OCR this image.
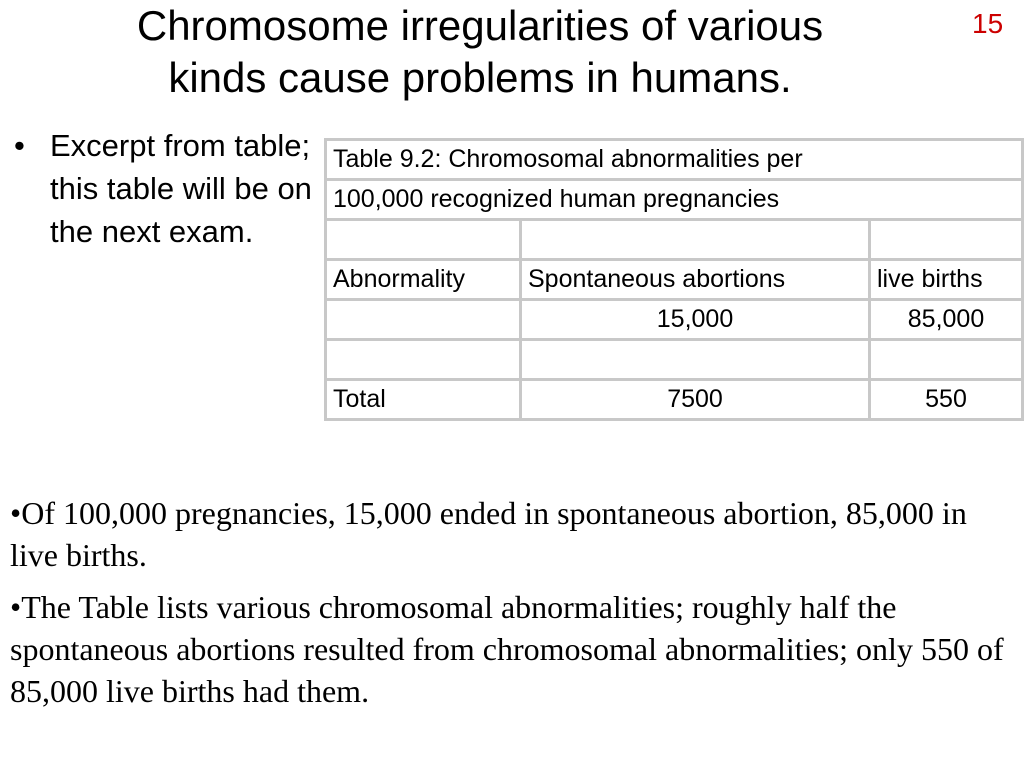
Chromosome irregularities of various
kinds cause problems in humans.
15
• Excerpt from table; this table will be on the next exam.
Table 9.2: Chromosomal abnormalities per		
100,000 recognized human pregnancies		

Abnormality	Spontaneous abortions	live births
	15,000	85,000

Total	7500	550

•Of 100,000 pregnancies, 15,000 ended in spontaneous abortion, 85,000 in live births.

•The Table lists various chromosomal abnormalities; roughly half the spontaneous abortions resulted from chromosomal abnormalities; only 550 of 85,000 live births had them.
